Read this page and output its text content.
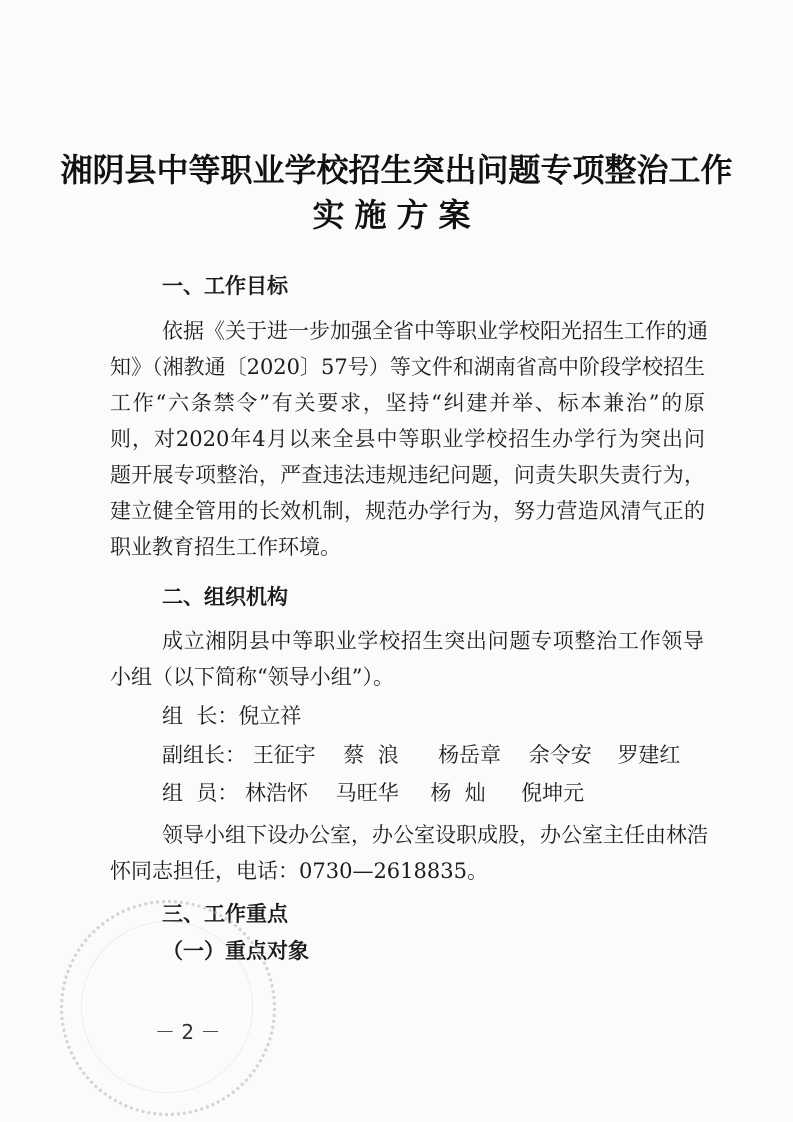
湘阴县中等职业学校招生突出问题专项整治工作
实施方案
一、工作目标
依据《关于进一步加强全省中等职业学校阳光招生工作的通
知》（湘教通〔2020〕57号）等文件和湖南省高中阶段学校招生
工作“六条禁令”有关要求，坚持“纠建并举、标本兼治”的原
则，对2020年4月以来全县中等职业学校招生办学行为突出问
题开展专项整治，严查违法违规违纪问题，问责失职失责行为，
建立健全管用的长效机制，规范办学行为，努力营造风清气正的
职业教育招生工作环境。
二、组织机构
成立湘阴县中等职业学校招生突出问题专项整治工作领导
小组（以下简称“领导小组”）。
组  长：倪立祥
副组长： 王征宇 蔡  浪 杨岳章 余令安 罗建红
组  员： 林浩怀 马旺华 杨  灿 倪坤元
领导小组下设办公室，办公室设职成股，办公室主任由林浩
怀同志担任，电话：0730—2618835。
三、工作重点
（一）重点对象
－ 2 －
